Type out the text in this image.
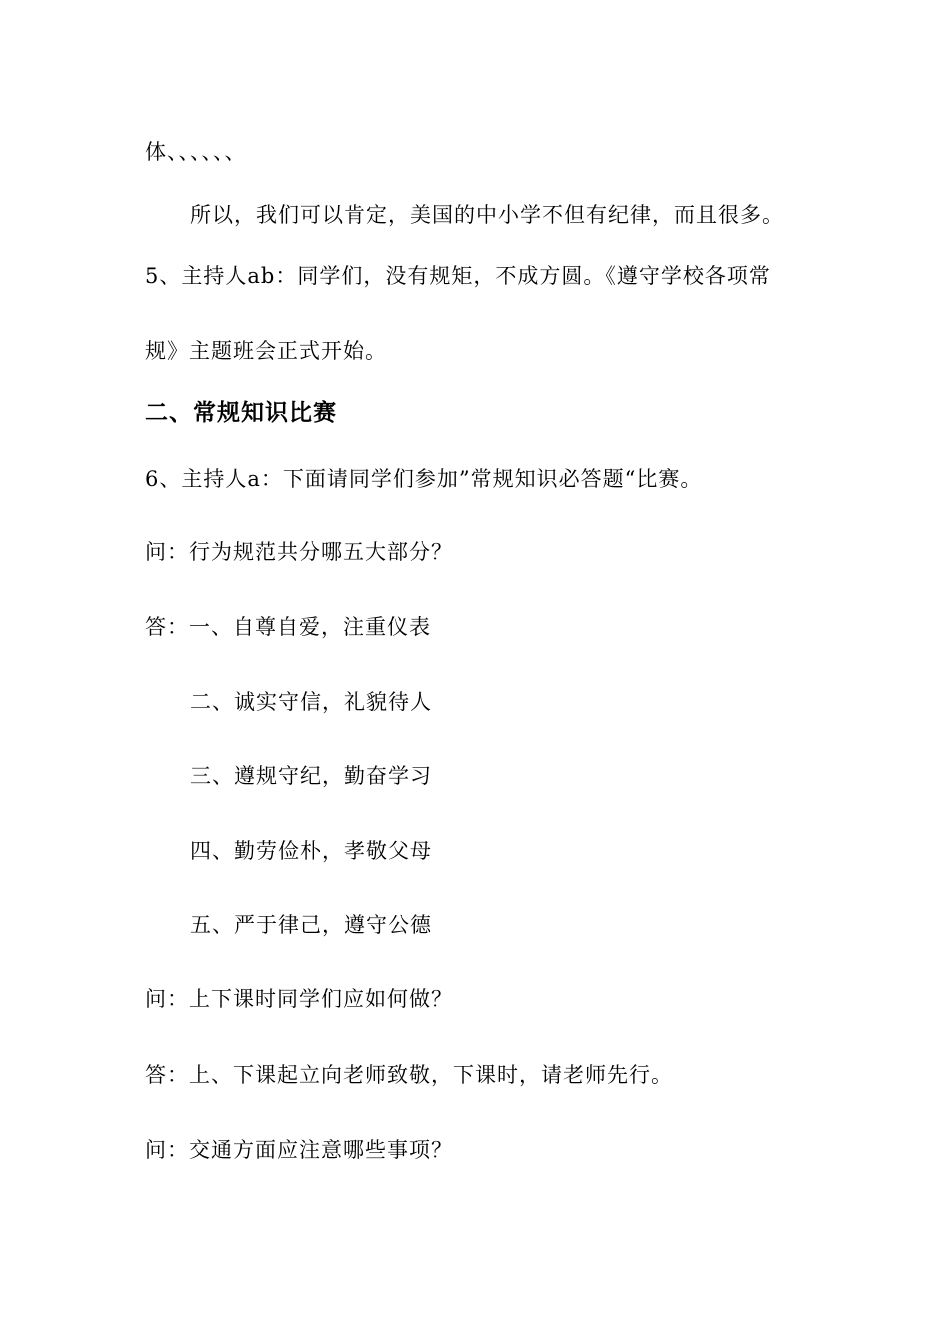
体、、、、、、
所以，我们可以肯定，美国的中小学不但有纪律，而且很多。
5、主持人ab：同学们，没有规矩，不成方圆。《遵守学校各项常
规》主题班会正式开始。
二、常规知识比赛
6、主持人a：下面请同学们参加”常规知识必答题“比赛。
问：行为规范共分哪五大部分？
答：一、自尊自爱，注重仪表
二、诚实守信，礼貌待人
三、遵规守纪，勤奋学习
四、勤劳俭朴，孝敬父母
五、严于律己，遵守公德
问：上下课时同学们应如何做？
答：上、下课起立向老师致敬，下课时，请老师先行。
问：交通方面应注意哪些事项？
